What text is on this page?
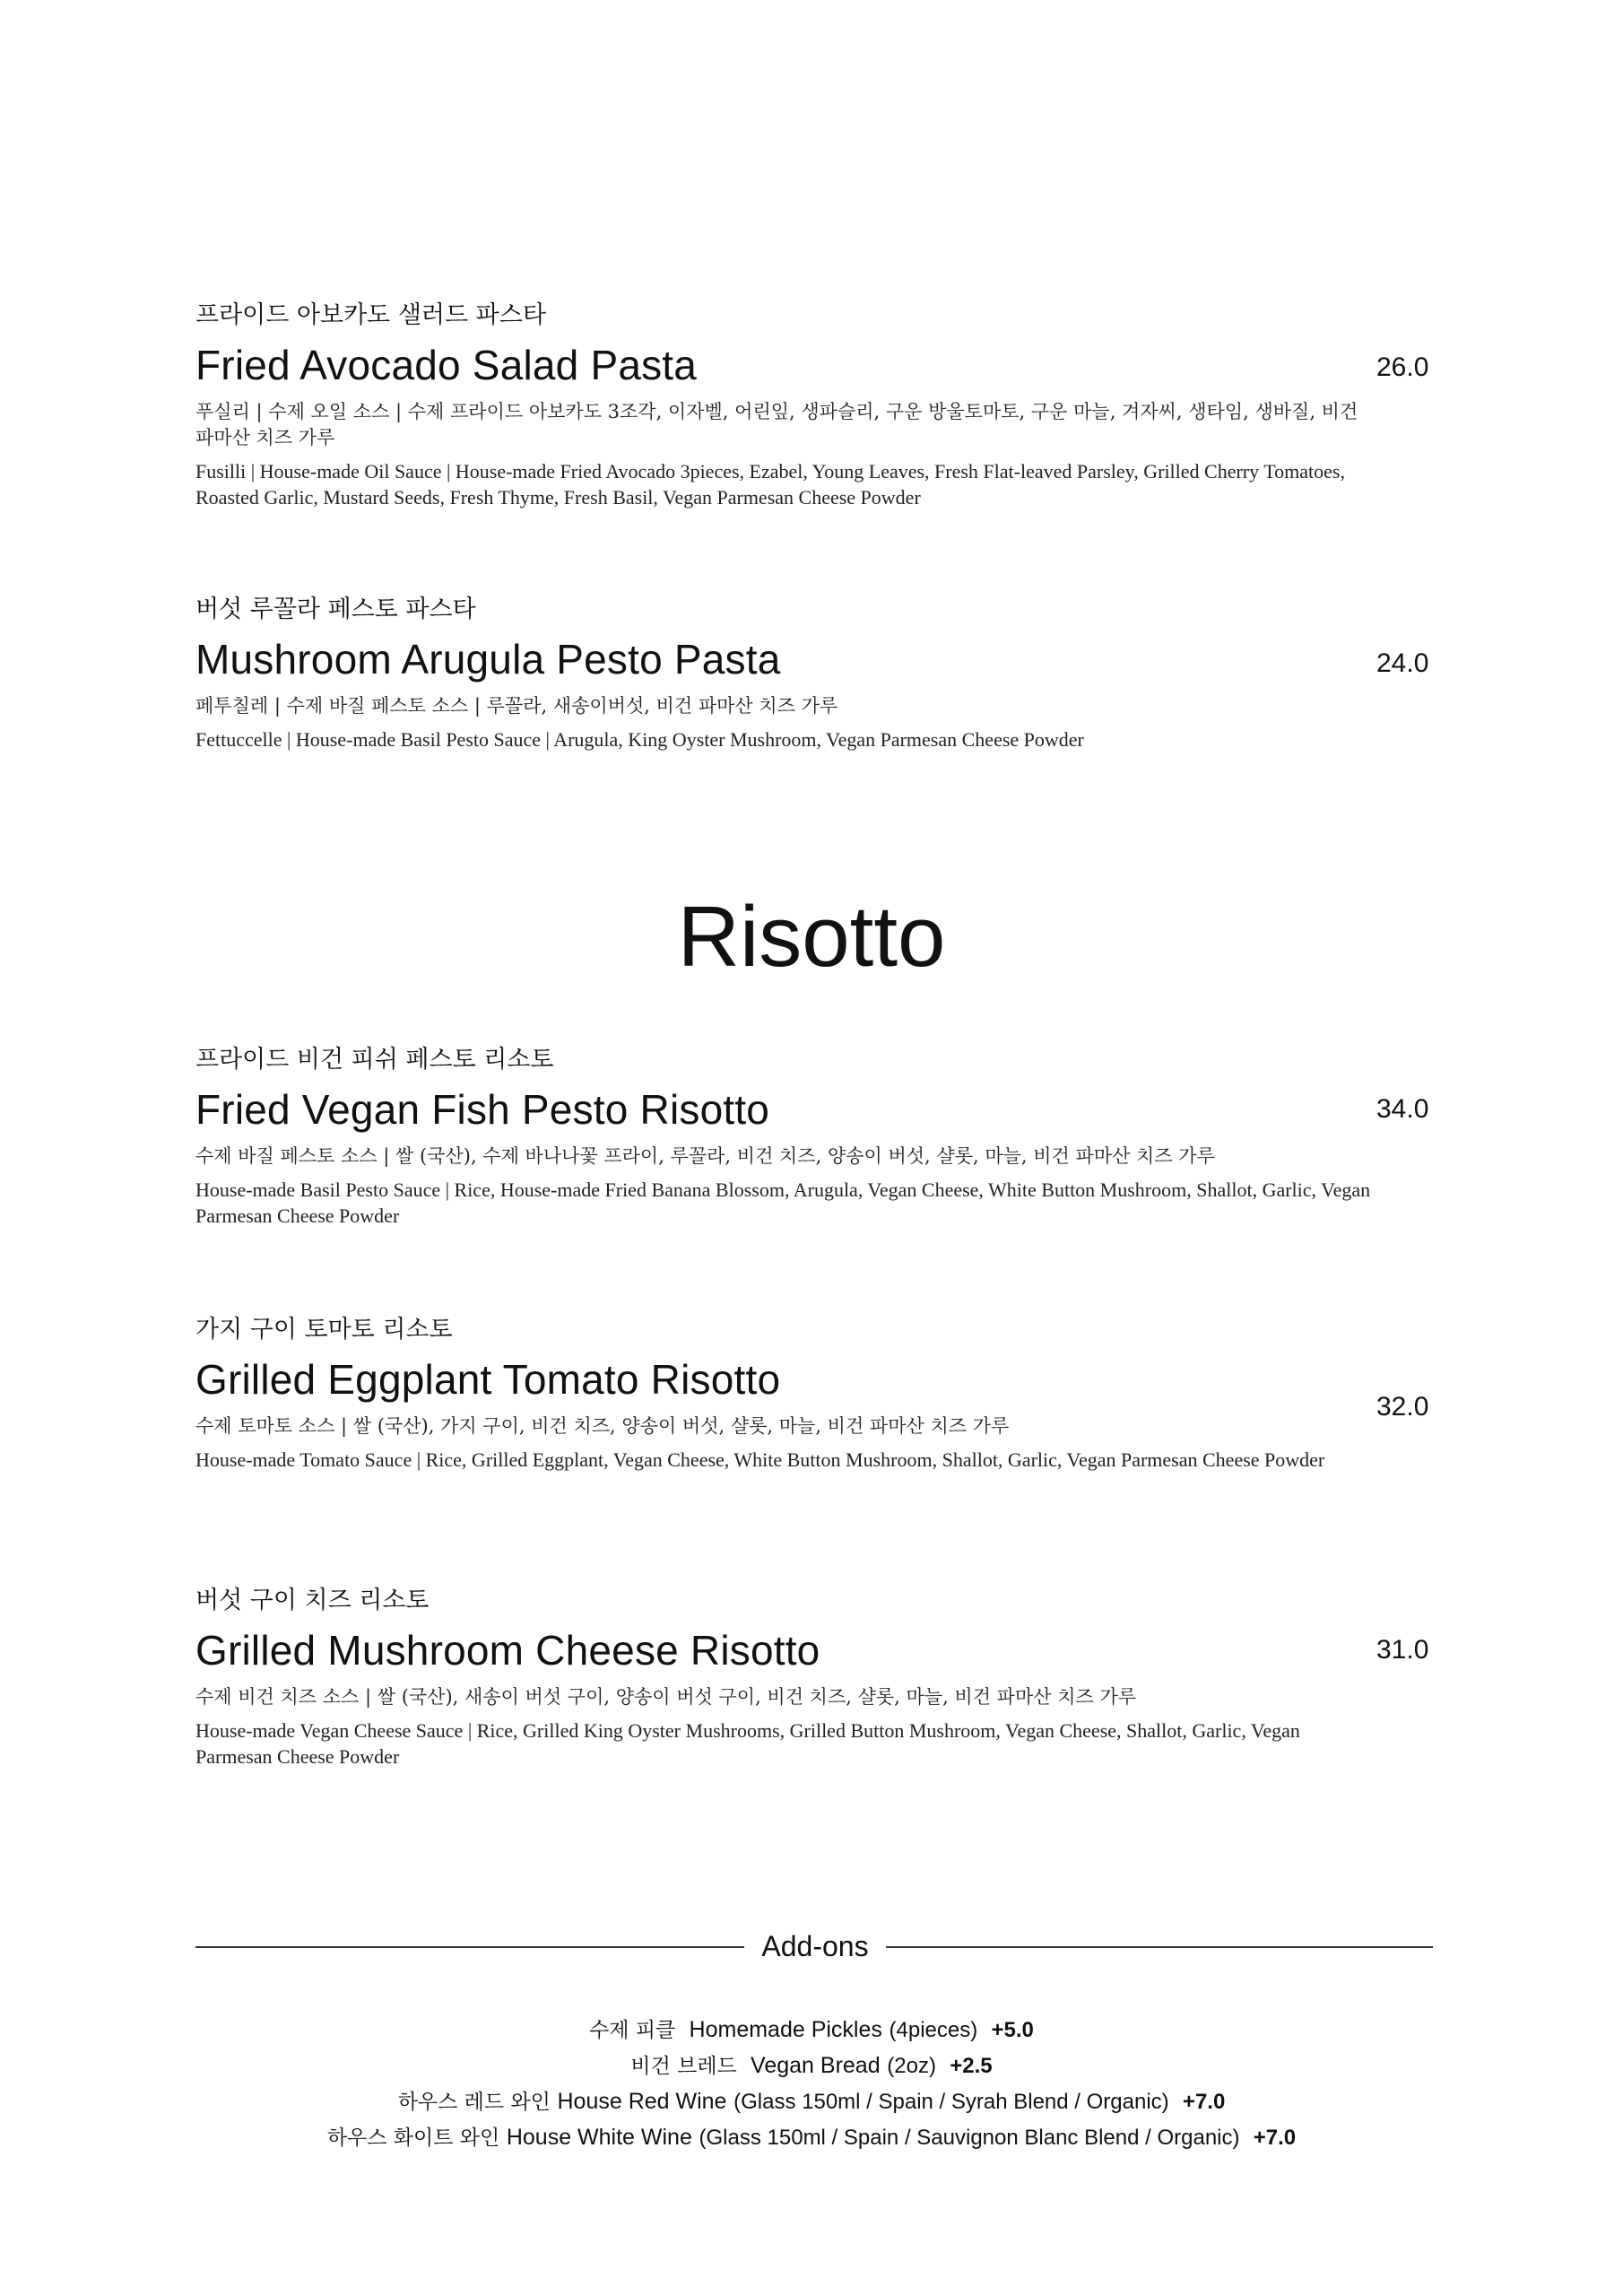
프라이드 아보카도 샐러드 파스타

Fried Avocado Salad Pasta

푸실리 | 수제 오일 소스 | 수제 프라이드 아보카도 3조각, 이자벨, 어린잎, 생파슬리, 구운 방울토마토, 구운 마늘, 겨자씨, 생타임, 생바질, 비건 파마산 치즈 가루

Fusilli | House-made Oil Sauce | House-made Fried Avocado 3pieces, Ezabel, Young Leaves, Fresh Flat-leaved Parsley, Grilled Cherry Tomatoes, Roasted Garlic, Mustard Seeds, Fresh Thyme, Fresh Basil, Vegan Parmesan Cheese Powder

26.0

버섯 루꼴라 페스토 파스타

Mushroom Arugula Pesto Pasta

페투칠레 | 수제 바질 페스토 소스 | 루꼴라, 새송이버섯, 비건 파마산 치즈 가루

Fettuccelle | House-made Basil Pesto Sauce | Arugula, King Oyster Mushroom, Vegan Parmesan Cheese Powder

24.0
Risotto

프라이드 비건 피쉬 페스토 리소토

Fried Vegan Fish Pesto Risotto

수제 바질 페스토 소스 | 쌀 (국산), 수제 바나나꽃 프라이, 루꼴라, 비건 치즈, 양송이 버섯, 샬롯, 마늘, 비건 파마산 치즈 가루

House-made Basil Pesto Sauce | Rice, House-made Fried Banana Blossom, Arugula, Vegan Cheese, White Button Mushroom, Shallot, Garlic, Vegan Parmesan Cheese Powder

34.0

가지 구이 토마토 리소토

Grilled Eggplant Tomato Risotto

수제 토마토 소스 | 쌀 (국산), 가지 구이, 비건 치즈, 양송이 버섯, 샬롯, 마늘, 비건 파마산 치즈 가루

House-made Tomato Sauce | Rice, Grilled Eggplant, Vegan Cheese, White Button Mushroom, Shallot, Garlic, Vegan Parmesan Cheese Powder

32.0

버섯 구이 치즈 리소토

Grilled Mushroom Cheese Risotto

수제 비건 치즈 소스 | 쌀 (국산), 새송이 버섯 구이, 양송이 버섯 구이, 비건 치즈, 샬롯, 마늘, 비건 파마산 치즈 가루

House-made Vegan Cheese Sauce | Rice, Grilled King Oyster Mushrooms, Grilled Button Mushroom, Vegan Cheese, Shallot, Garlic, Vegan Parmesan Cheese Powder

31.0
Add-ons
수제 피클 Homemade Pickles (4pieces) +5.0
비건 브레드 Vegan Bread (2oz) +2.5
하우스 레드 와인 House Red Wine (Glass 150ml / Spain / Syrah Blend / Organic) +7.0
하우스 화이트 와인 House White Wine (Glass 150ml / Spain / Sauvignon Blanc Blend / Organic) +7.0
